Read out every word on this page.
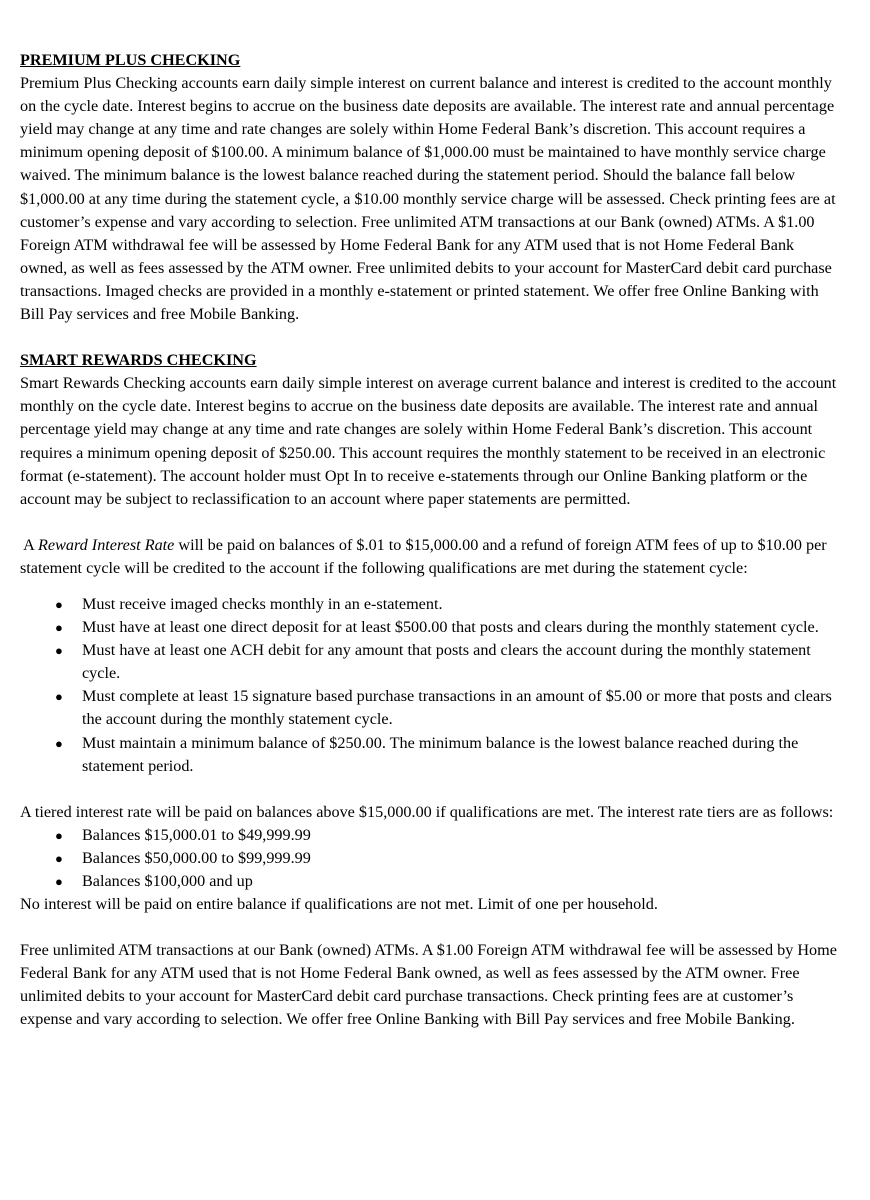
PREMIUM PLUS CHECKING

Premium Plus Checking accounts earn daily simple interest on current balance and interest is credited to the account monthly on the cycle date. Interest begins to accrue on the business date deposits are available. The interest rate and annual percentage yield may change at any time and rate changes are solely within Home Federal Bank’s discretion. This account requires a minimum opening deposit of $100.00. A minimum balance of $1,000.00 must be maintained to have monthly service charge waived. The minimum balance is the lowest balance reached during the statement period. Should the balance fall below $1,000.00 at any time during the statement cycle, a $10.00 monthly service charge will be assessed. Check printing fees are at customer’s expense and vary according to selection. Free unlimited ATM transactions at our Bank (owned) ATMs. A $1.00 Foreign ATM withdrawal fee will be assessed by Home Federal Bank for any ATM used that is not Home Federal Bank owned, as well as fees assessed by the ATM owner. Free unlimited debits to your account for MasterCard debit card purchase transactions. Imaged checks are provided in a monthly e-statement or printed statement. We offer free Online Banking with Bill Pay services and free Mobile Banking.

SMART REWARDS CHECKING

Smart Rewards Checking accounts earn daily simple interest on average current balance and interest is credited to the account monthly on the cycle date. Interest begins to accrue on the business date deposits are available. The interest rate and annual percentage yield may change at any time and rate changes are solely within Home Federal Bank’s discretion. This account requires a minimum opening deposit of $250.00. This account requires the monthly statement to be received in an electronic format (e-statement). The account holder must Opt In to receive e-statements through our Online Banking platform or the account may be subject to reclassification to an account where paper statements are permitted.

A Reward Interest Rate will be paid on balances of $.01 to $15,000.00 and a refund of foreign ATM fees of up to $10.00 per statement cycle will be credited to the account if the following qualifications are met during the statement cycle:

● Must receive imaged checks monthly in an e-statement.
● Must have at least one direct deposit for at least $500.00 that posts and clears during the monthly statement cycle.
● Must have at least one ACH debit for any amount that posts and clears the account during the monthly statement cycle.
● Must complete at least 15 signature based purchase transactions in an amount of $5.00 or more that posts and clears the account during the monthly statement cycle.
● Must maintain a minimum balance of $250.00. The minimum balance is the lowest balance reached during the statement period.

A tiered interest rate will be paid on balances above $15,000.00 if qualifications are met. The interest rate tiers are as follows:

● Balances $15,000.01 to $49,999.99
● Balances $50,000.00 to $99,999.99
● Balances $100,000 and up

No interest will be paid on entire balance if qualifications are not met. Limit of one per household.

Free unlimited ATM transactions at our Bank (owned) ATMs. A $1.00 Foreign ATM withdrawal fee will be assessed by Home Federal Bank for any ATM used that is not Home Federal Bank owned, as well as fees assessed by the ATM owner. Free unlimited debits to your account for MasterCard debit card purchase transactions. Check printing fees are at customer’s expense and vary according to selection. We offer free Online Banking with Bill Pay services and free Mobile Banking.
